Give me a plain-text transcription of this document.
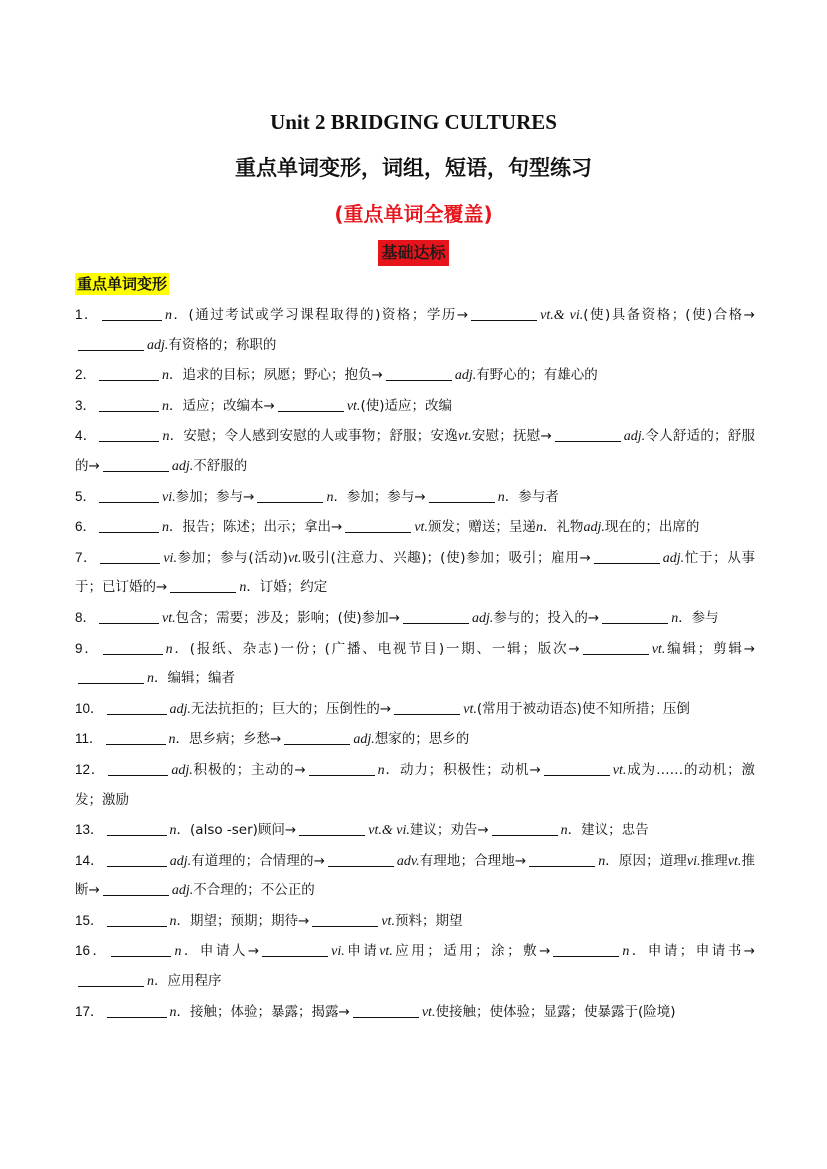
Unit 2 BRIDGING CULTURES
重点单词变形，词组，短语，句型练习
(重点单词全覆盖)
基础达标
重点单词变形
1．	n．(通过考试或学习课程取得的)资格；学历→	vt.& vi.(使)具备资格；(使)合格→adj.有资格的；称职的
2．	n．追求的目标；夙愿；野心；抱负→	adj.有野心的；有雄心的
3．	n．适应；改编本→	vt.(使)适应；改编
4．	n．安慰；令人感到安慰的人或事物；舒服；安逸vt.安慰；抚慰→	adj.令人舒适的；舒服的→	adj.不舒服的
5．	vi.参加；参与→	n．参加；参与→	n．参与者
6．	n．报告；陈述；出示；拿出→	vt.颁发；赠送；呈递n．礼物adj.现在的；出席的
7．	vi.参加；参与(活动)vt.吸引(注意力、兴趣)；(使)参加；吸引；雇用→	adj.忙于；从事于；已订婚的→	n．订婚；约定
8．	vt.包含；需要；涉及；影响；(使)参加→	adj.参与的；投入的→	n．参与
9．	n．(报纸、杂志)一份；(广播、电视节目)一期、一辑；版次→	vt.编辑；剪辑→n．编辑；编者
10．	adj.无法抗拒的；巨大的；压倒性的→	vt.(常用于被动语态)使不知所措；压倒
11．	n．思乡病；乡愁→	adj.想家的；思乡的
12．	adj.积极的；主动的→	n．动力；积极性；动机→	vt.成为……的动机；激发；激励
13．	n．(also -ser)顾问→	vt.& vi.建议；劝告→	n．建议；忠告
14．	adj.有道理的；合情理的→	adv.有理地；合理地→	n．原因；道理vi.推理vt.推断→	adj.不合理的；不公正的
15．	n．期望；预期；期待→	vt.预料；期望
16．	n．申请人→	vi.申请vt.应用；适用；涂；敷→	n．申请；申请书→n．应用程序
17．	n．接触；体验；暴露；揭露→	vt.使接触；使体验；显露；使暴露于(险境)
